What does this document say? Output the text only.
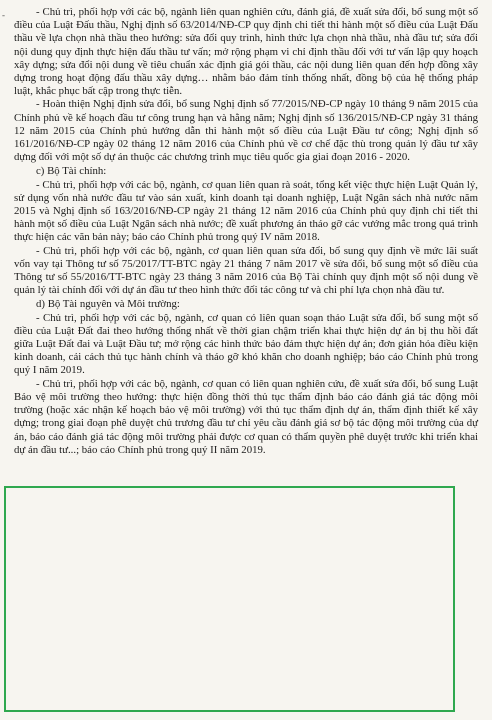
-	- Chủ trì, phối hợp với các bộ, ngành liên quan nghiên cứu, đánh giá, đề xuất sửa đổi, bổ sung một số điều của Luật Đấu thầu, Nghị định số 63/2014/NĐ-CP quy định chi tiết thi hành một số điều của Luật Đấu thầu về lựa chọn nhà thầu theo hướng: sửa đổi quy trình, hình thức lựa chọn nhà thầu, nhà đầu tư; sửa đổi nội dung quy định thực hiện đấu thầu tư vấn; mở rộng phạm vi chỉ định thầu đối với tư vấn lập quy hoạch xây dựng; sửa đổi nội dung về tiêu chuẩn xác định giá gói thầu, các nội dung liên quan đến hợp đồng xây dựng trong hoạt động đấu thầu xây dựng… nhằm bảo đảm tính thống nhất, đồng bộ của hệ thống pháp luật, khắc phục bất cập trong thực tiễn.

- Hoàn thiện Nghị định sửa đổi, bổ sung Nghị định số 77/2015/NĐ-CP ngày 10 tháng 9 năm 2015 của Chính phủ về kế hoạch đầu tư công trung hạn và hằng năm; Nghị định số 136/2015/NĐ-CP ngày 31 tháng 12 năm 2015 của Chính phủ hướng dẫn thi hành một số điều của Luật Đầu tư công; Nghị định số 161/2016/NĐ-CP ngày 02 tháng 12 năm 2016 của Chính phủ về cơ chế đặc thù trong quản lý đầu tư xây dựng đối với một số dự án thuộc các chương trình mục tiêu quốc gia giai đoạn 2016 - 2020.

c) Bộ Tài chính:

- Chủ trì, phối hợp với các bộ, ngành, cơ quan liên quan rà soát, tổng kết việc thực hiện Luật Quản lý, sử dụng vốn nhà nước đầu tư vào sản xuất, kinh doanh tại doanh nghiệp, Luật Ngân sách nhà nước năm 2015 và Nghị định số 163/2016/NĐ-CP ngày 21 tháng 12 năm 2016 của Chính phủ quy định chi tiết thi hành một số điều của Luật Ngân sách nhà nước; đề xuất phương án tháo gỡ các vướng mắc trong quá trình thực hiện các văn bản này; báo cáo Chính phủ trong quý IV năm 2018.

- Chủ trì, phối hợp với các bộ, ngành, cơ quan liên quan sửa đổi, bổ sung quy định về mức lãi suất vốn vay tại Thông tư số 75/2017/TT-BTC ngày 21 tháng 7 năm 2017 về sửa đổi, bổ sung một số điều của Thông tư số 55/2016/TT-BTC ngày 23 tháng 3 năm 2016 của Bộ Tài chính quy định một số nội dung về quản lý tài chính đối với dự án đầu tư theo hình thức đối tác công tư và chi phí lựa chọn nhà đầu tư.

d) Bộ Tài nguyên và Môi trường:

- Chủ trì, phối hợp với các bộ, ngành, cơ quan có liên quan soạn thảo Luật sửa đổi, bổ sung một số điều của Luật Đất đai theo hướng thống nhất về thời gian chậm triển khai thực hiện dự án bị thu hồi đất giữa Luật Đất đai và Luật Đầu tư; mở rộng các hình thức bảo đảm thực hiện dự án; đơn giản hóa điều kiện kinh doanh, cải cách thủ tục hành chính và tháo gỡ khó khăn cho doanh nghiệp; báo cáo Chính phủ trong quý I năm 2019.

- Chủ trì, phối hợp với các bộ, ngành, cơ quan có liên quan nghiên cứu, đề xuất sửa đổi, bổ sung Luật Bảo vệ môi trường theo hướng: thực hiện đồng thời thủ tục thẩm định báo cáo đánh giá tác động môi trường (hoặc xác nhận kế hoạch bảo vệ môi trường) với thủ tục thẩm định dự án, thẩm định thiết kế xây dựng; trong giai đoạn phê duyệt chủ trương đầu tư chỉ yêu cầu đánh giá sơ bộ tác động môi trường của dự án, báo cáo đánh giá tác động môi trường phải được cơ quan có thẩm quyền phê duyệt trước khi triển khai dự án đầu tư...; báo cáo Chính phủ trong quý II năm 2019.
